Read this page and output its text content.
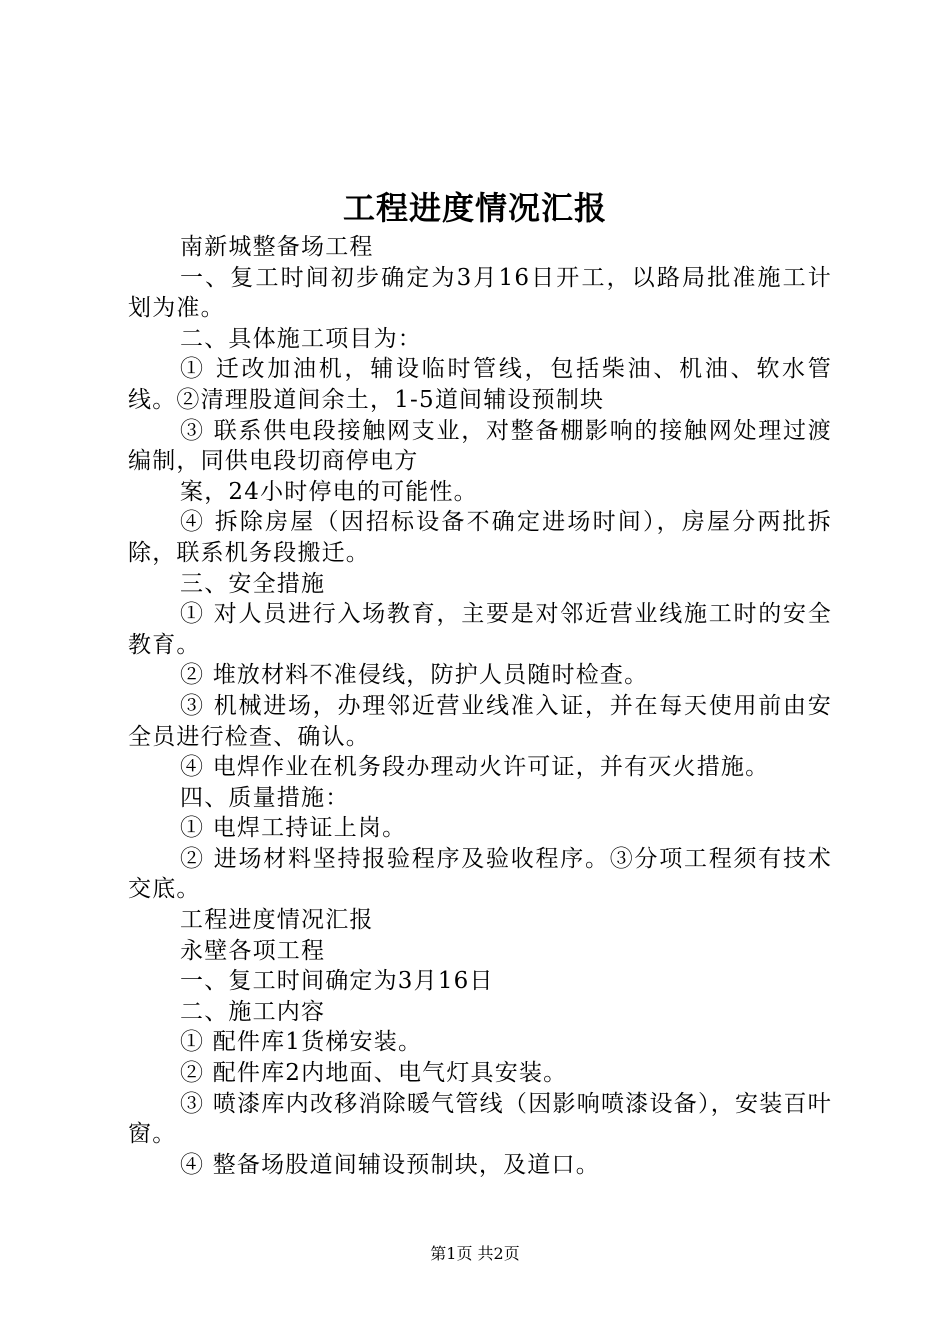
工程进度情况汇报

南新城整备场工程

一、复工时间初步确定为3月16日开工，以路局批准施工计划为准。

二、具体施工项目为：

① 迁改加油机，辅设临时管线，包括柴油、机油、软水管线。②清理股道间余土，1-5道间辅设预制块

③ 联系供电段接触网支业，对整备棚影响的接触网处理过渡编制，同供电段切商停电方

案，24小时停电的可能性。

④ 拆除房屋（因招标设备不确定进场时间），房屋分两批拆除，联系机务段搬迁。

三、安全措施

① 对人员进行入场教育，主要是对邻近营业线施工时的安全教育。

② 堆放材料不准侵线，防护人员随时检查。

③ 机械进场，办理邻近营业线准入证，并在每天使用前由安全员进行检查、确认。

④ 电焊作业在机务段办理动火许可证，并有灭火措施。

四、质量措施：

① 电焊工持证上岗。

② 进场材料坚持报验程序及验收程序。③分项工程须有技术交底。

工程进度情况汇报

永壁各项工程

一、复工时间确定为3月16日

二、施工内容

① 配件库1货梯安装。

② 配件库2内地面、电气灯具安装。

③ 喷漆库内改移消除暖气管线（因影响喷漆设备），安装百叶窗。

④ 整备场股道间辅设预制块，及道口。

第1页 共2页
